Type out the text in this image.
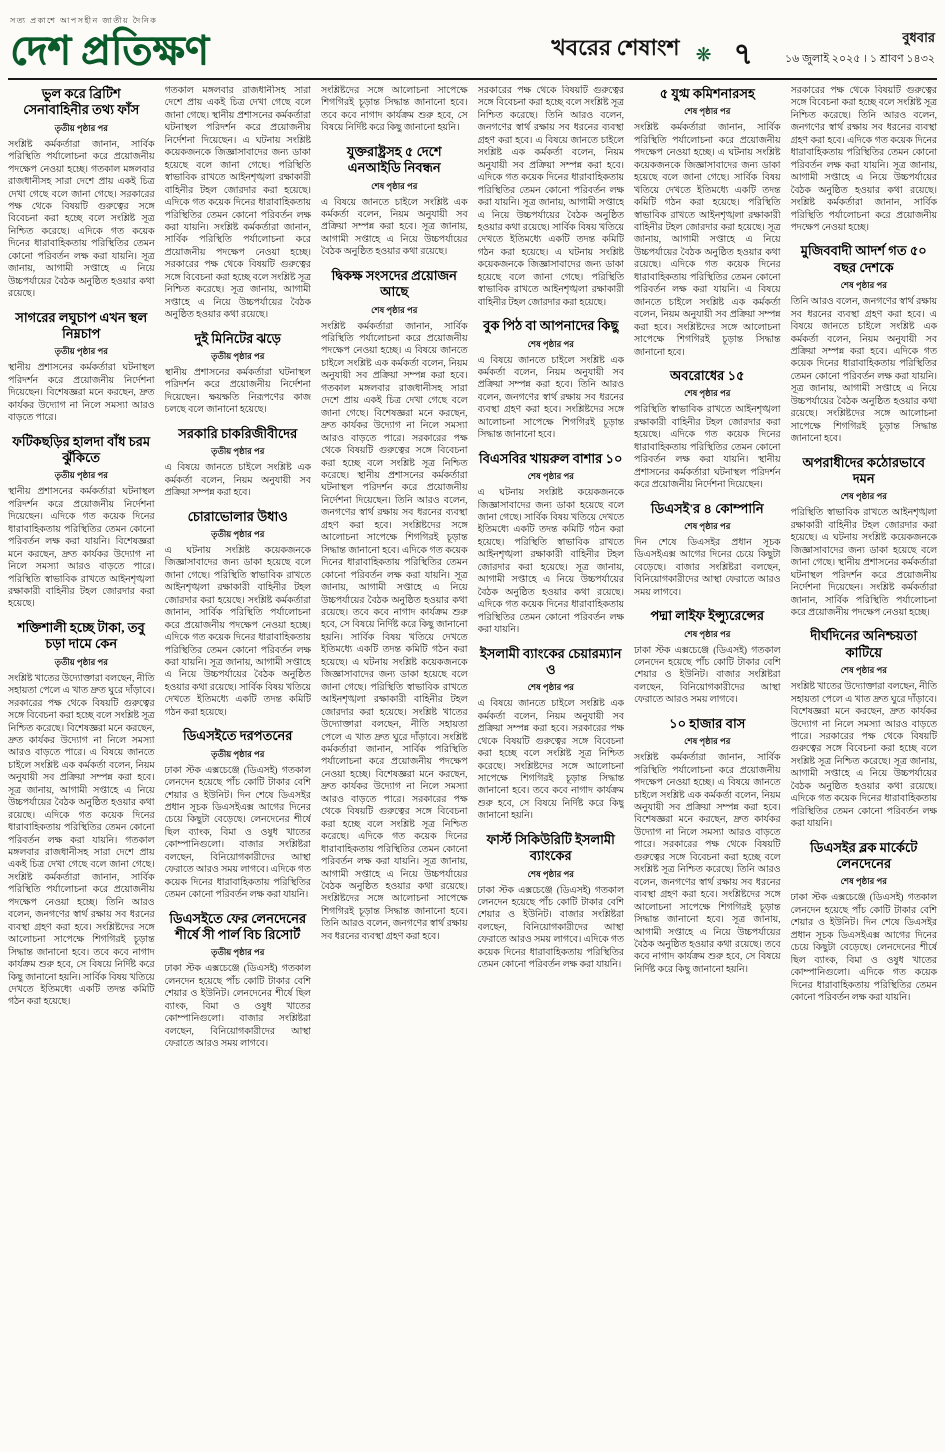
সত্য প্রকাশে আপসহীন জাতীয় দৈনিক
দেশ প্রতিক্ষণ	খবরের শেষাংশ ❋ ৭
বুধবার
১৬ জুলাই ২০২৫ । ১ শ্রাবণ ১৪৩২
ভুল করে ব্রিটিশ সেনাবাহিনীর তথ্য ফাঁস
তৃতীয় পৃষ্ঠার পর

সংশ্লিষ্ট কর্মকর্তারা জানান, সার্বিক পরিস্থিতি পর্যালোচনা করে প্রয়োজনীয় পদক্ষেপ নেওয়া হচ্ছে। গতকাল মঙ্গলবার রাজধানীসহ সারা দেশে প্রায় একই চিত্র দেখা গেছে বলে জানা গেছে। সরকারের পক্ষ থেকে বিষয়টি গুরুত্বের সঙ্গে বিবেচনা করা হচ্ছে বলে সংশ্লিষ্ট সূত্র নিশ্চিত করেছে। এদিকে গত কয়েক দিনের ধারাবাহিকতায় পরিস্থিতির তেমন কোনো পরিবর্তন লক্ষ করা যায়নি। সূত্র জানায়, আগামী সপ্তাহে এ নিয়ে উচ্চপর্যায়ের বৈঠক অনুষ্ঠিত হওয়ার কথা রয়েছে।

সাগরের লঘুচাপ এখন স্থল নিম্নচাপ
তৃতীয় পৃষ্ঠার পর

স্থানীয় প্রশাসনের কর্মকর্তারা ঘটনাস্থল পরিদর্শন করে প্রয়োজনীয় নির্দেশনা দিয়েছেন। বিশেষজ্ঞরা মনে করছেন, দ্রুত কার্যকর উদ্যোগ না নিলে সমস্যা আরও বাড়তে পারে।

ফটিকছড়ির হালদা বাঁধ চরম ঝুঁকিতে
তৃতীয় পৃষ্ঠার পর

স্থানীয় প্রশাসনের কর্মকর্তারা ঘটনাস্থল পরিদর্শন করে প্রয়োজনীয় নির্দেশনা দিয়েছেন। এদিকে গত কয়েক দিনের ধারাবাহিকতায় পরিস্থিতির তেমন কোনো পরিবর্তন লক্ষ করা যায়নি। বিশেষজ্ঞরা মনে করছেন, দ্রুত কার্যকর উদ্যোগ না নিলে সমস্যা আরও বাড়তে পারে। পরিস্থিতি স্বাভাবিক রাখতে আইনশৃঙ্খলা রক্ষাকারী বাহিনীর টহল জোরদার করা হয়েছে।

শক্তিশালী হচ্ছে টাকা, তবু চড়া দামে কেন
তৃতীয় পৃষ্ঠার পর

সংশ্লিষ্ট খাতের উদ্যোক্তারা বলছেন, নীতি সহায়তা পেলে এ খাত দ্রুত ঘুরে দাঁড়াবে। সরকারের পক্ষ থেকে বিষয়টি গুরুত্বের সঙ্গে বিবেচনা করা হচ্ছে বলে সংশ্লিষ্ট সূত্র নিশ্চিত করেছে। বিশেষজ্ঞরা মনে করছেন, দ্রুত কার্যকর উদ্যোগ না নিলে সমস্যা আরও বাড়তে পারে। এ বিষয়ে জানতে চাইলে সংশ্লিষ্ট এক কর্মকর্তা বলেন, নিয়ম অনুযায়ী সব প্রক্রিয়া সম্পন্ন করা হবে। সূত্র জানায়, আগামী সপ্তাহে এ নিয়ে উচ্চপর্যায়ের বৈঠক অনুষ্ঠিত হওয়ার কথা রয়েছে। এদিকে গত কয়েক দিনের ধারাবাহিকতায় পরিস্থিতির তেমন কোনো পরিবর্তন লক্ষ করা যায়নি। গতকাল মঙ্গলবার রাজধানীসহ সারা দেশে প্রায় একই চিত্র দেখা গেছে বলে জানা গেছে। সংশ্লিষ্ট কর্মকর্তারা জানান, সার্বিক পরিস্থিতি পর্যালোচনা করে প্রয়োজনীয় পদক্ষেপ নেওয়া হচ্ছে। তিনি আরও বলেন, জনগণের স্বার্থ রক্ষায় সব ধরনের ব্যবস্থা গ্রহণ করা হবে। সংশ্লিষ্টদের সঙ্গে আলোচনা সাপেক্ষে শিগগিরই চূড়ান্ত সিদ্ধান্ত জানানো হবে। তবে কবে নাগাদ কার্যক্রম শুরু হবে, সে বিষয়ে নির্দিষ্ট করে কিছু জানানো হয়নি। সার্বিক বিষয় খতিয়ে দেখতে ইতিমধ্যে একটি তদন্ত কমিটি গঠন করা হয়েছে।

গতকাল মঙ্গলবার রাজধানীসহ সারা দেশে প্রায় একই চিত্র দেখা গেছে বলে জানা গেছে। স্থানীয় প্রশাসনের কর্মকর্তারা ঘটনাস্থল পরিদর্শন করে প্রয়োজনীয় নির্দেশনা দিয়েছেন। এ ঘটনায় সংশ্লিষ্ট কয়েকজনকে জিজ্ঞাসাবাদের জন্য ডাকা হয়েছে বলে জানা গেছে। পরিস্থিতি স্বাভাবিক রাখতে আইনশৃঙ্খলা রক্ষাকারী বাহিনীর টহল জোরদার করা হয়েছে। এদিকে গত কয়েক দিনের ধারাবাহিকতায় পরিস্থিতির তেমন কোনো পরিবর্তন লক্ষ করা যায়নি। সংশ্লিষ্ট কর্মকর্তারা জানান, সার্বিক পরিস্থিতি পর্যালোচনা করে প্রয়োজনীয় পদক্ষেপ নেওয়া হচ্ছে। সরকারের পক্ষ থেকে বিষয়টি গুরুত্বের সঙ্গে বিবেচনা করা হচ্ছে বলে সংশ্লিষ্ট সূত্র নিশ্চিত করেছে। সূত্র জানায়, আগামী সপ্তাহে এ নিয়ে উচ্চপর্যায়ের বৈঠক অনুষ্ঠিত হওয়ার কথা রয়েছে।

দুই মিনিটের ঝড়ে
তৃতীয় পৃষ্ঠার পর

স্থানীয় প্রশাসনের কর্মকর্তারা ঘটনাস্থল পরিদর্শন করে প্রয়োজনীয় নির্দেশনা দিয়েছেন। ক্ষয়ক্ষতি নিরূপণের কাজ চলছে বলে জানানো হয়েছে।

সরকারি চাকরিজীবীদের
তৃতীয় পৃষ্ঠার পর

এ বিষয়ে জানতে চাইলে সংশ্লিষ্ট এক কর্মকর্তা বলেন, নিয়ম অনুযায়ী সব প্রক্রিয়া সম্পন্ন করা হবে।

চোরাভোলার উধাও
তৃতীয় পৃষ্ঠার পর

এ ঘটনায় সংশ্লিষ্ট কয়েকজনকে জিজ্ঞাসাবাদের জন্য ডাকা হয়েছে বলে জানা গেছে। পরিস্থিতি স্বাভাবিক রাখতে আইনশৃঙ্খলা রক্ষাকারী বাহিনীর টহল জোরদার করা হয়েছে। সংশ্লিষ্ট কর্মকর্তারা জানান, সার্বিক পরিস্থিতি পর্যালোচনা করে প্রয়োজনীয় পদক্ষেপ নেওয়া হচ্ছে। এদিকে গত কয়েক দিনের ধারাবাহিকতায় পরিস্থিতির তেমন কোনো পরিবর্তন লক্ষ করা যায়নি। সূত্র জানায়, আগামী সপ্তাহে এ নিয়ে উচ্চপর্যায়ের বৈঠক অনুষ্ঠিত হওয়ার কথা রয়েছে। সার্বিক বিষয় খতিয়ে দেখতে ইতিমধ্যে একটি তদন্ত কমিটি গঠন করা হয়েছে।

ডিএসইতে দরপতনের
তৃতীয় পৃষ্ঠার পর

ঢাকা স্টক এক্সচেঞ্জে (ডিএসই) গতকাল লেনদেন হয়েছে পাঁচ কোটি টাকার বেশি শেয়ার ও ইউনিট। দিন শেষে ডিএসইর প্রধান সূচক ডিএসইএক্স আগের দিনের চেয়ে কিছুটা বেড়েছে। লেনদেনের শীর্ষে ছিল ব্যাংক, বিমা ও ওষুধ খাতের কোম্পানিগুলো। বাজার সংশ্লিষ্টরা বলছেন, বিনিয়োগকারীদের আস্থা ফেরাতে আরও সময় লাগবে। এদিকে গত কয়েক দিনের ধারাবাহিকতায় পরিস্থিতির তেমন কোনো পরিবর্তন লক্ষ করা যায়নি।

ডিএসইতে ফের লেনদেনের শীর্ষে সী পার্ল বিচ রিসোর্ট
তৃতীয় পৃষ্ঠার পর

ঢাকা স্টক এক্সচেঞ্জে (ডিএসই) গতকাল লেনদেন হয়েছে পাঁচ কোটি টাকার বেশি শেয়ার ও ইউনিট। লেনদেনের শীর্ষে ছিল ব্যাংক, বিমা ও ওষুধ খাতের কোম্পানিগুলো। বাজার সংশ্লিষ্টরা বলছেন, বিনিয়োগকারীদের আস্থা ফেরাতে আরও সময় লাগবে।

সংশ্লিষ্টদের সঙ্গে আলোচনা সাপেক্ষে শিগগিরই চূড়ান্ত সিদ্ধান্ত জানানো হবে। তবে কবে নাগাদ কার্যক্রম শুরু হবে, সে বিষয়ে নির্দিষ্ট করে কিছু জানানো হয়নি।

যুক্তরাষ্ট্রসহ ৫ দেশে এনআইডি নিবন্ধন
শেষ পৃষ্ঠার পর

এ বিষয়ে জানতে চাইলে সংশ্লিষ্ট এক কর্মকর্তা বলেন, নিয়ম অনুযায়ী সব প্রক্রিয়া সম্পন্ন করা হবে। সূত্র জানায়, আগামী সপ্তাহে এ নিয়ে উচ্চপর্যায়ের বৈঠক অনুষ্ঠিত হওয়ার কথা রয়েছে।

দ্বিকক্ষ সংসদের প্রয়োজন আছে
শেষ পৃষ্ঠার পর

সংশ্লিষ্ট কর্মকর্তারা জানান, সার্বিক পরিস্থিতি পর্যালোচনা করে প্রয়োজনীয় পদক্ষেপ নেওয়া হচ্ছে। এ বিষয়ে জানতে চাইলে সংশ্লিষ্ট এক কর্মকর্তা বলেন, নিয়ম অনুযায়ী সব প্রক্রিয়া সম্পন্ন করা হবে। গতকাল মঙ্গলবার রাজধানীসহ সারা দেশে প্রায় একই চিত্র দেখা গেছে বলে জানা গেছে। বিশেষজ্ঞরা মনে করছেন, দ্রুত কার্যকর উদ্যোগ না নিলে সমস্যা আরও বাড়তে পারে। সরকারের পক্ষ থেকে বিষয়টি গুরুত্বের সঙ্গে বিবেচনা করা হচ্ছে বলে সংশ্লিষ্ট সূত্র নিশ্চিত করেছে। স্থানীয় প্রশাসনের কর্মকর্তারা ঘটনাস্থল পরিদর্শন করে প্রয়োজনীয় নির্দেশনা দিয়েছেন। তিনি আরও বলেন, জনগণের স্বার্থ রক্ষায় সব ধরনের ব্যবস্থা গ্রহণ করা হবে। সংশ্লিষ্টদের সঙ্গে আলোচনা সাপেক্ষে শিগগিরই চূড়ান্ত সিদ্ধান্ত জানানো হবে। এদিকে গত কয়েক দিনের ধারাবাহিকতায় পরিস্থিতির তেমন কোনো পরিবর্তন লক্ষ করা যায়নি। সূত্র জানায়, আগামী সপ্তাহে এ নিয়ে উচ্চপর্যায়ের বৈঠক অনুষ্ঠিত হওয়ার কথা রয়েছে। তবে কবে নাগাদ কার্যক্রম শুরু হবে, সে বিষয়ে নির্দিষ্ট করে কিছু জানানো হয়নি। সার্বিক বিষয় খতিয়ে দেখতে ইতিমধ্যে একটি তদন্ত কমিটি গঠন করা হয়েছে। এ ঘটনায় সংশ্লিষ্ট কয়েকজনকে জিজ্ঞাসাবাদের জন্য ডাকা হয়েছে বলে জানা গেছে। পরিস্থিতি স্বাভাবিক রাখতে আইনশৃঙ্খলা রক্ষাকারী বাহিনীর টহল জোরদার করা হয়েছে। সংশ্লিষ্ট খাতের উদ্যোক্তারা বলছেন, নীতি সহায়তা পেলে এ খাত দ্রুত ঘুরে দাঁড়াবে। সংশ্লিষ্ট কর্মকর্তারা জানান, সার্বিক পরিস্থিতি পর্যালোচনা করে প্রয়োজনীয় পদক্ষেপ নেওয়া হচ্ছে। বিশেষজ্ঞরা মনে করছেন, দ্রুত কার্যকর উদ্যোগ না নিলে সমস্যা আরও বাড়তে পারে। সরকারের পক্ষ থেকে বিষয়টি গুরুত্বের সঙ্গে বিবেচনা করা হচ্ছে বলে সংশ্লিষ্ট সূত্র নিশ্চিত করেছে। এদিকে গত কয়েক দিনের ধারাবাহিকতায় পরিস্থিতির তেমন কোনো পরিবর্তন লক্ষ করা যায়নি। সূত্র জানায়, আগামী সপ্তাহে এ নিয়ে উচ্চপর্যায়ের বৈঠক অনুষ্ঠিত হওয়ার কথা রয়েছে। সংশ্লিষ্টদের সঙ্গে আলোচনা সাপেক্ষে শিগগিরই চূড়ান্ত সিদ্ধান্ত জানানো হবে। তিনি আরও বলেন, জনগণের স্বার্থ রক্ষায় সব ধরনের ব্যবস্থা গ্রহণ করা হবে।

সরকারের পক্ষ থেকে বিষয়টি গুরুত্বের সঙ্গে বিবেচনা করা হচ্ছে বলে সংশ্লিষ্ট সূত্র নিশ্চিত করেছে। তিনি আরও বলেন, জনগণের স্বার্থ রক্ষায় সব ধরনের ব্যবস্থা গ্রহণ করা হবে। এ বিষয়ে জানতে চাইলে সংশ্লিষ্ট এক কর্মকর্তা বলেন, নিয়ম অনুযায়ী সব প্রক্রিয়া সম্পন্ন করা হবে। এদিকে গত কয়েক দিনের ধারাবাহিকতায় পরিস্থিতির তেমন কোনো পরিবর্তন লক্ষ করা যায়নি। সূত্র জানায়, আগামী সপ্তাহে এ নিয়ে উচ্চপর্যায়ের বৈঠক অনুষ্ঠিত হওয়ার কথা রয়েছে। সার্বিক বিষয় খতিয়ে দেখতে ইতিমধ্যে একটি তদন্ত কমিটি গঠন করা হয়েছে। এ ঘটনায় সংশ্লিষ্ট কয়েকজনকে জিজ্ঞাসাবাদের জন্য ডাকা হয়েছে বলে জানা গেছে। পরিস্থিতি স্বাভাবিক রাখতে আইনশৃঙ্খলা রক্ষাকারী বাহিনীর টহল জোরদার করা হয়েছে।

বুক পিঠ বা আপনাদের কিছু
শেষ পৃষ্ঠার পর

এ বিষয়ে জানতে চাইলে সংশ্লিষ্ট এক কর্মকর্তা বলেন, নিয়ম অনুযায়ী সব প্রক্রিয়া সম্পন্ন করা হবে। তিনি আরও বলেন, জনগণের স্বার্থ রক্ষায় সব ধরনের ব্যবস্থা গ্রহণ করা হবে। সংশ্লিষ্টদের সঙ্গে আলোচনা সাপেক্ষে শিগগিরই চূড়ান্ত সিদ্ধান্ত জানানো হবে।

বিএসবির খায়রুল বাশার ১০
শেষ পৃষ্ঠার পর

এ ঘটনায় সংশ্লিষ্ট কয়েকজনকে জিজ্ঞাসাবাদের জন্য ডাকা হয়েছে বলে জানা গেছে। সার্বিক বিষয় খতিয়ে দেখতে ইতিমধ্যে একটি তদন্ত কমিটি গঠন করা হয়েছে। পরিস্থিতি স্বাভাবিক রাখতে আইনশৃঙ্খলা রক্ষাকারী বাহিনীর টহল জোরদার করা হয়েছে। সূত্র জানায়, আগামী সপ্তাহে এ নিয়ে উচ্চপর্যায়ের বৈঠক অনুষ্ঠিত হওয়ার কথা রয়েছে। এদিকে গত কয়েক দিনের ধারাবাহিকতায় পরিস্থিতির তেমন কোনো পরিবর্তন লক্ষ করা যায়নি।

ইসলামী ব্যাংকের চেয়ারম্যান ও
শেষ পৃষ্ঠার পর

এ বিষয়ে জানতে চাইলে সংশ্লিষ্ট এক কর্মকর্তা বলেন, নিয়ম অনুযায়ী সব প্রক্রিয়া সম্পন্ন করা হবে। সরকারের পক্ষ থেকে বিষয়টি গুরুত্বের সঙ্গে বিবেচনা করা হচ্ছে বলে সংশ্লিষ্ট সূত্র নিশ্চিত করেছে। সংশ্লিষ্টদের সঙ্গে আলোচনা সাপেক্ষে শিগগিরই চূড়ান্ত সিদ্ধান্ত জানানো হবে। তবে কবে নাগাদ কার্যক্রম শুরু হবে, সে বিষয়ে নির্দিষ্ট করে কিছু জানানো হয়নি।

ফার্স্ট সিকিউরিটি ইসলামী ব্যাংকের
শেষ পৃষ্ঠার পর

ঢাকা স্টক এক্সচেঞ্জে (ডিএসই) গতকাল লেনদেন হয়েছে পাঁচ কোটি টাকার বেশি শেয়ার ও ইউনিট। বাজার সংশ্লিষ্টরা বলছেন, বিনিয়োগকারীদের আস্থা ফেরাতে আরও সময় লাগবে। এদিকে গত কয়েক দিনের ধারাবাহিকতায় পরিস্থিতির তেমন কোনো পরিবর্তন লক্ষ করা যায়নি।

৫ যুগ্ম কমিশনারসহ
শেষ পৃষ্ঠার পর

সংশ্লিষ্ট কর্মকর্তারা জানান, সার্বিক পরিস্থিতি পর্যালোচনা করে প্রয়োজনীয় পদক্ষেপ নেওয়া হচ্ছে। এ ঘটনায় সংশ্লিষ্ট কয়েকজনকে জিজ্ঞাসাবাদের জন্য ডাকা হয়েছে বলে জানা গেছে। সার্বিক বিষয় খতিয়ে দেখতে ইতিমধ্যে একটি তদন্ত কমিটি গঠন করা হয়েছে। পরিস্থিতি স্বাভাবিক রাখতে আইনশৃঙ্খলা রক্ষাকারী বাহিনীর টহল জোরদার করা হয়েছে। সূত্র জানায়, আগামী সপ্তাহে এ নিয়ে উচ্চপর্যায়ের বৈঠক অনুষ্ঠিত হওয়ার কথা রয়েছে। এদিকে গত কয়েক দিনের ধারাবাহিকতায় পরিস্থিতির তেমন কোনো পরিবর্তন লক্ষ করা যায়নি। এ বিষয়ে জানতে চাইলে সংশ্লিষ্ট এক কর্মকর্তা বলেন, নিয়ম অনুযায়ী সব প্রক্রিয়া সম্পন্ন করা হবে। সংশ্লিষ্টদের সঙ্গে আলোচনা সাপেক্ষে শিগগিরই চূড়ান্ত সিদ্ধান্ত জানানো হবে।

অবরোধের ১৫
শেষ পৃষ্ঠার পর

পরিস্থিতি স্বাভাবিক রাখতে আইনশৃঙ্খলা রক্ষাকারী বাহিনীর টহল জোরদার করা হয়েছে। এদিকে গত কয়েক দিনের ধারাবাহিকতায় পরিস্থিতির তেমন কোনো পরিবর্তন লক্ষ করা যায়নি। স্থানীয় প্রশাসনের কর্মকর্তারা ঘটনাস্থল পরিদর্শন করে প্রয়োজনীয় নির্দেশনা দিয়েছেন।

ডিএসই'র ৪ কোম্পানি
শেষ পৃষ্ঠার পর

দিন শেষে ডিএসইর প্রধান সূচক ডিএসইএক্স আগের দিনের চেয়ে কিছুটা বেড়েছে। বাজার সংশ্লিষ্টরা বলছেন, বিনিয়োগকারীদের আস্থা ফেরাতে আরও সময় লাগবে।

পদ্মা লাইফ ইন্স্যুরেন্সের
শেষ পৃষ্ঠার পর

ঢাকা স্টক এক্সচেঞ্জে (ডিএসই) গতকাল লেনদেন হয়েছে পাঁচ কোটি টাকার বেশি শেয়ার ও ইউনিট। বাজার সংশ্লিষ্টরা বলছেন, বিনিয়োগকারীদের আস্থা ফেরাতে আরও সময় লাগবে।

১০ হাজার বাস
শেষ পৃষ্ঠার পর

সংশ্লিষ্ট কর্মকর্তারা জানান, সার্বিক পরিস্থিতি পর্যালোচনা করে প্রয়োজনীয় পদক্ষেপ নেওয়া হচ্ছে। এ বিষয়ে জানতে চাইলে সংশ্লিষ্ট এক কর্মকর্তা বলেন, নিয়ম অনুযায়ী সব প্রক্রিয়া সম্পন্ন করা হবে। বিশেষজ্ঞরা মনে করছেন, দ্রুত কার্যকর উদ্যোগ না নিলে সমস্যা আরও বাড়তে পারে। সরকারের পক্ষ থেকে বিষয়টি গুরুত্বের সঙ্গে বিবেচনা করা হচ্ছে বলে সংশ্লিষ্ট সূত্র নিশ্চিত করেছে। তিনি আরও বলেন, জনগণের স্বার্থ রক্ষায় সব ধরনের ব্যবস্থা গ্রহণ করা হবে। সংশ্লিষ্টদের সঙ্গে আলোচনা সাপেক্ষে শিগগিরই চূড়ান্ত সিদ্ধান্ত জানানো হবে। সূত্র জানায়, আগামী সপ্তাহে এ নিয়ে উচ্চপর্যায়ের বৈঠক অনুষ্ঠিত হওয়ার কথা রয়েছে। তবে কবে নাগাদ কার্যক্রম শুরু হবে, সে বিষয়ে নির্দিষ্ট করে কিছু জানানো হয়নি।

সরকারের পক্ষ থেকে বিষয়টি গুরুত্বের সঙ্গে বিবেচনা করা হচ্ছে বলে সংশ্লিষ্ট সূত্র নিশ্চিত করেছে। তিনি আরও বলেন, জনগণের স্বার্থ রক্ষায় সব ধরনের ব্যবস্থা গ্রহণ করা হবে। এদিকে গত কয়েক দিনের ধারাবাহিকতায় পরিস্থিতির তেমন কোনো পরিবর্তন লক্ষ করা যায়নি। সূত্র জানায়, আগামী সপ্তাহে এ নিয়ে উচ্চপর্যায়ের বৈঠক অনুষ্ঠিত হওয়ার কথা রয়েছে। সংশ্লিষ্ট কর্মকর্তারা জানান, সার্বিক পরিস্থিতি পর্যালোচনা করে প্রয়োজনীয় পদক্ষেপ নেওয়া হচ্ছে।

মুজিববাদী আদর্শ গত ৫০ বছর দেশকে
শেষ পৃষ্ঠার পর

তিনি আরও বলেন, জনগণের স্বার্থ রক্ষায় সব ধরনের ব্যবস্থা গ্রহণ করা হবে। এ বিষয়ে জানতে চাইলে সংশ্লিষ্ট এক কর্মকর্তা বলেন, নিয়ম অনুযায়ী সব প্রক্রিয়া সম্পন্ন করা হবে। এদিকে গত কয়েক দিনের ধারাবাহিকতায় পরিস্থিতির তেমন কোনো পরিবর্তন লক্ষ করা যায়নি। সূত্র জানায়, আগামী সপ্তাহে এ নিয়ে উচ্চপর্যায়ের বৈঠক অনুষ্ঠিত হওয়ার কথা রয়েছে। সংশ্লিষ্টদের সঙ্গে আলোচনা সাপেক্ষে শিগগিরই চূড়ান্ত সিদ্ধান্ত জানানো হবে।

অপরাধীদের কঠোরভাবে দমন
শেষ পৃষ্ঠার পর

পরিস্থিতি স্বাভাবিক রাখতে আইনশৃঙ্খলা রক্ষাকারী বাহিনীর টহল জোরদার করা হয়েছে। এ ঘটনায় সংশ্লিষ্ট কয়েকজনকে জিজ্ঞাসাবাদের জন্য ডাকা হয়েছে বলে জানা গেছে। স্থানীয় প্রশাসনের কর্মকর্তারা ঘটনাস্থল পরিদর্শন করে প্রয়োজনীয় নির্দেশনা দিয়েছেন। সংশ্লিষ্ট কর্মকর্তারা জানান, সার্বিক পরিস্থিতি পর্যালোচনা করে প্রয়োজনীয় পদক্ষেপ নেওয়া হচ্ছে।

দীর্ঘদিনের অনিশ্চয়তা কাটিয়ে
শেষ পৃষ্ঠার পর

সংশ্লিষ্ট খাতের উদ্যোক্তারা বলছেন, নীতি সহায়তা পেলে এ খাত দ্রুত ঘুরে দাঁড়াবে। বিশেষজ্ঞরা মনে করছেন, দ্রুত কার্যকর উদ্যোগ না নিলে সমস্যা আরও বাড়তে পারে। সরকারের পক্ষ থেকে বিষয়টি গুরুত্বের সঙ্গে বিবেচনা করা হচ্ছে বলে সংশ্লিষ্ট সূত্র নিশ্চিত করেছে। সূত্র জানায়, আগামী সপ্তাহে এ নিয়ে উচ্চপর্যায়ের বৈঠক অনুষ্ঠিত হওয়ার কথা রয়েছে। এদিকে গত কয়েক দিনের ধারাবাহিকতায় পরিস্থিতির তেমন কোনো পরিবর্তন লক্ষ করা যায়নি।

ডিএসইর ব্লক মার্কেটে লেনদেনের
শেষ পৃষ্ঠার পর

ঢাকা স্টক এক্সচেঞ্জে (ডিএসই) গতকাল লেনদেন হয়েছে পাঁচ কোটি টাকার বেশি শেয়ার ও ইউনিট। দিন শেষে ডিএসইর প্রধান সূচক ডিএসইএক্স আগের দিনের চেয়ে কিছুটা বেড়েছে। লেনদেনের শীর্ষে ছিল ব্যাংক, বিমা ও ওষুধ খাতের কোম্পানিগুলো। এদিকে গত কয়েক দিনের ধারাবাহিকতায় পরিস্থিতির তেমন কোনো পরিবর্তন লক্ষ করা যায়নি।
